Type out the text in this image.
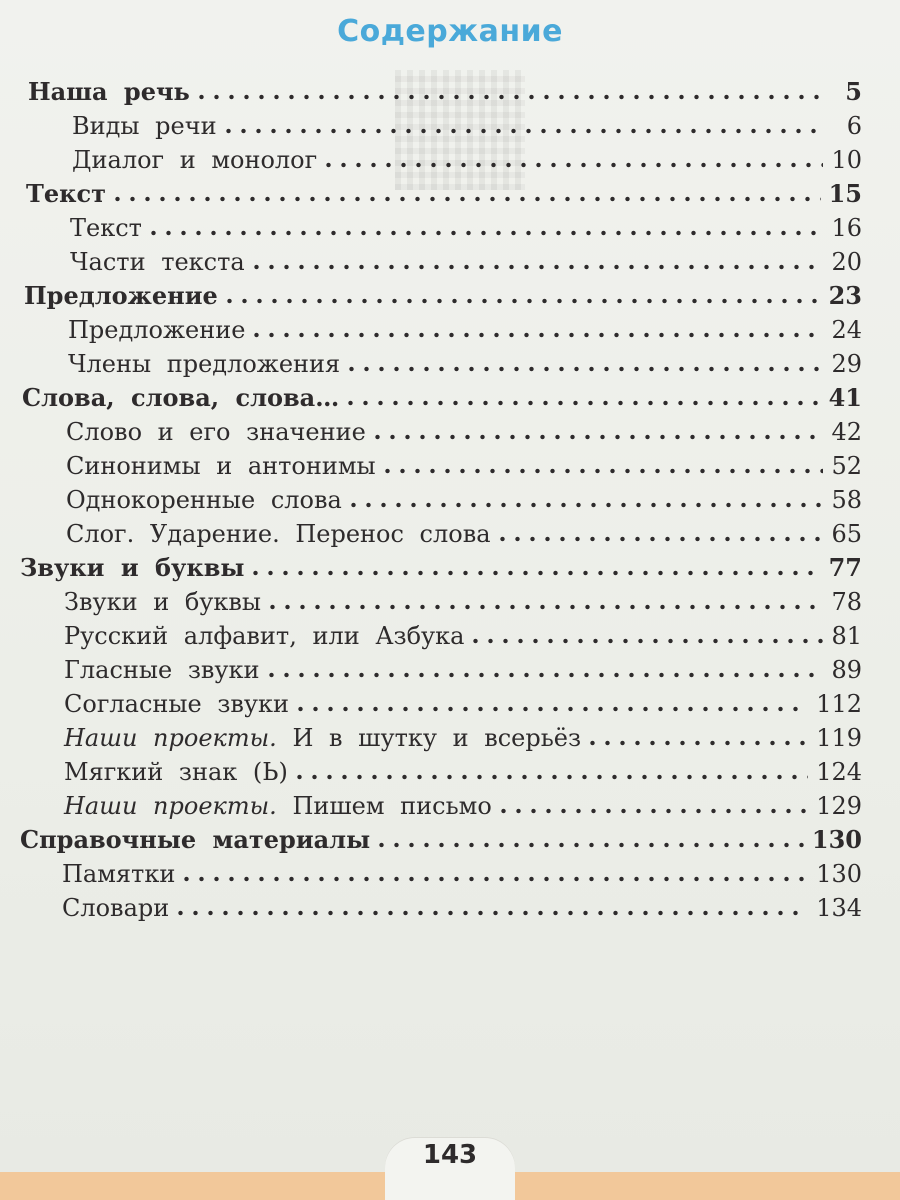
Содержание
Наша речь	5
Виды речи	6
Диалог и монолог	10
Текст	15
Текст	16
Части текста	20
Предложение	23
Предложение	24
Члены предложения	29
Слова, слова, слова…	41
Слово и его значение	42
Синонимы и антонимы	52
Однокоренные слова	58
Слог. Ударение. Перенос слова	65
Звуки и буквы	77
Звуки и буквы	78
Русский алфавит, или Азбука	81
Гласные звуки	89
Согласные звуки	112
Наши проекты. И в шутку и всерьёз	119
Мягкий знак (Ь)	124
Наши проекты. Пишем письмо	129
Справочные материалы	130
Памятки	130
Словари	134
143
